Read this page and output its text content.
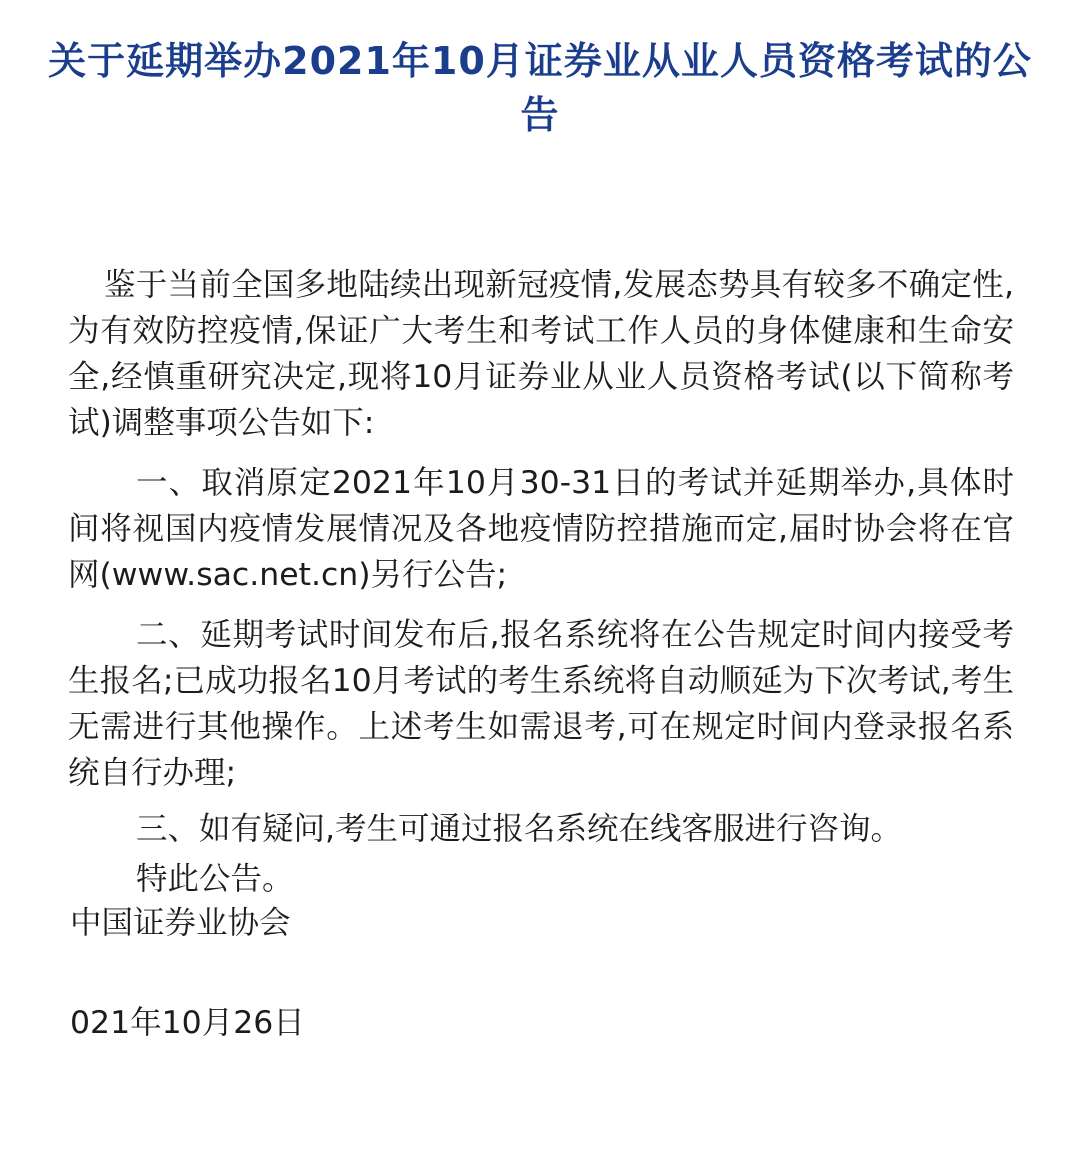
关于延期举办2021年10月证券业从业人员资格考试的公告

鉴于当前全国多地陆续出现新冠疫情,发展态势具有较多不确定性,为有效防控疫情,保证广大考生和考试工作人员的身体健康和生命安全,经慎重研究决定,现将10月证券业从业人员资格考试(以下简称考试)调整事项公告如下:

一、取消原定2021年10月30-31日的考试并延期举办,具体时间将视国内疫情发展情况及各地疫情防控措施而定,届时协会将在官网(www.sac.net.cn)另行公告;

二、延期考试时间发布后,报名系统将在公告规定时间内接受考生报名;已成功报名10月考试的考生系统将自动顺延为下次考试,考生无需进行其他操作。上述考生如需退考,可在规定时间内登录报名系统自行办理;

三、如有疑问,考生可通过报名系统在线客服进行咨询。

特此公告。

中国证券业协会

021年10月26日
